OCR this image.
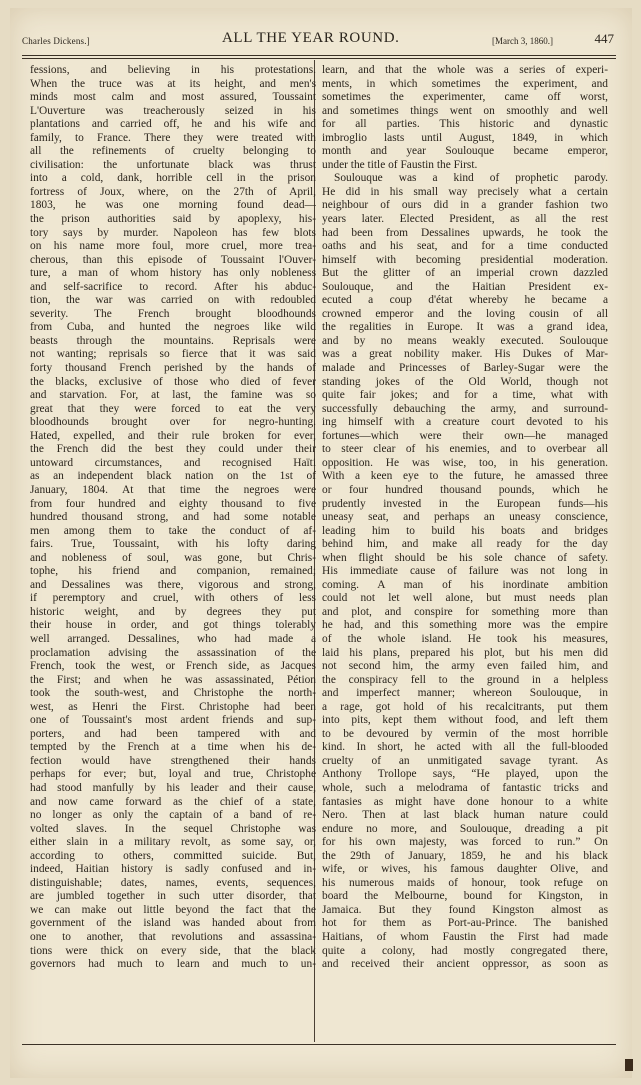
Charles Dickens.]	ALL THE YEAR ROUND.	[March 3, 1860.]	447
fessions, and believing in his protestations.
When the truce was at its height, and men's
minds most calm and most assured, Toussaint
L'Ouverture was treacherously seized in his
plantations and carried off, he and his wife and
family, to France. There they were treated with
all the refinements of cruelty belonging to
civilisation: the unfortunate black was thrust
into a cold, dank, horrible cell in the prison
fortress of Joux, where, on the 27th of April,
1803, he was one morning found dead—
the prison authorities said by apoplexy, his-
tory says by murder. Napoleon has few blots
on his name more foul, more cruel, more trea-
cherous, than this episode of Toussaint l'Ouver-
ture, a man of whom history has only nobleness
and self-sacrifice to record. After his abduc-
tion, the war was carried on with redoubled
severity. The French brought bloodhounds
from Cuba, and hunted the negroes like wild
beasts through the mountains. Reprisals were
not wanting; reprisals so fierce that it was said
forty thousand French perished by the hands of
the blacks, exclusive of those who died of fever
and starvation. For, at last, the famine was so
great that they were forced to eat the very
bloodhounds brought over for negro-hunting.
Hated, expelled, and their rule broken for ever,
the French did the best they could under their
untoward circumstances, and recognised Haïti
as an independent black nation on the 1st of
January, 1804. At that time the negroes were
from four hundred and eighty thousand to five
hundred thousand strong, and had some notable
men among them to take the conduct of af-
fairs. True, Toussaint, with his lofty daring
and nobleness of soul, was gone, but Chris-
tophe, his friend and companion, remained;
and Dessalines was there, vigorous and strong,
if peremptory and cruel, with others of less
historic weight, and by degrees they put
their house in order, and got things tolerably
well arranged. Dessalines, who had made a
proclamation advising the assassination of the
French, took the west, or French side, as Jacques
the First; and when he was assassinated, Pétion
took the south-west, and Christophe the north-
west, as Henri the First. Christophe had been
one of Toussaint's most ardent friends and sup-
porters, and had been tampered with and
tempted by the French at a time when his de-
fection would have strengthened their hands
perhaps for ever; but, loyal and true, Christophe
had stood manfully by his leader and their cause,
and now came forward as the chief of a state,
no longer as only the captain of a band of re-
volted slaves. In the sequel Christophe was
either slain in a military revolt, as some say, or,
according to others, committed suicide. But,
indeed, Haitian history is sadly confused and in-
distinguishable; dates, names, events, sequences,
are jumbled together in such utter disorder, that
we can make out little beyond the fact that the
government of the island was handed about from
one to another, that revolutions and assassina-
tions were thick on every side, that the black
governors had much to learn and much to un-
learn, and that the whole was a series of experi-
ments, in which sometimes the experiment, and
sometimes the experimenter, came off worst,
and sometimes things went on smoothly and well
for all parties. This historic and dynastic
imbroglio lasts until August, 1849, in which
month and year Soulouque became emperor,
under the title of Faustin the First.
Soulouque was a kind of prophetic parody.
He did in his small way precisely what a certain
neighbour of ours did in a grander fashion two
years later. Elected President, as all the rest
had been from Dessalines upwards, he took the
oaths and his seat, and for a time conducted
himself with becoming presidential moderation.
But the glitter of an imperial crown dazzled
Soulouque, and the Haitian President ex-
ecuted a coup d'état whereby he became a
crowned emperor and the loving cousin of all
the regalities in Europe. It was a grand idea,
and by no means weakly executed. Soulouque
was a great nobility maker. His Dukes of Mar-
malade and Princesses of Barley-Sugar were the
standing jokes of the Old World, though not
quite fair jokes; and for a time, what with
successfully debauching the army, and surround-
ing himself with a creature court devoted to his
fortunes—which were their own—he managed
to steer clear of his enemies, and to overbear all
opposition. He was wise, too, in his generation.
With a keen eye to the future, he amassed three
or four hundred thousand pounds, which he
prudently invested in the European funds—his
uneasy seat, and perhaps an uneasy conscience,
leading him to build his boats and bridges
behind him, and make all ready for the day
when flight should be his sole chance of safety.
His immediate cause of failure was not long in
coming. A man of his inordinate ambition
could not let well alone, but must needs plan
and plot, and conspire for something more than
he had, and this something more was the empire
of the whole island. He took his measures,
laid his plans, prepared his plot, but his men did
not second him, the army even failed him, and
the conspiracy fell to the ground in a helpless
and imperfect manner; whereon Soulouque, in
a rage, got hold of his recalcitrants, put them
into pits, kept them without food, and left them
to be devoured by vermin of the most horrible
kind. In short, he acted with all the full-blooded
cruelty of an unmitigated savage tyrant. As
Anthony Trollope says, “He played, upon the
whole, such a melodrama of fantastic tricks and
fantasies as might have done honour to a white
Nero. Then at last black human nature could
endure no more, and Soulouque, dreading a pit
for his own majesty, was forced to run.” On
the 29th of January, 1859, he and his black
wife, or wives, his famous daughter Olive, and
his numerous maids of honour, took refuge on
board the Melbourne, bound for Kingston, in
Jamaica. But they found Kingston almost as
hot for them as Port-au-Prince. The banished
Haitians, of whom Faustin the First had made
quite a colony, had mostly congregated there,
and received their ancient oppressor, as soon as
